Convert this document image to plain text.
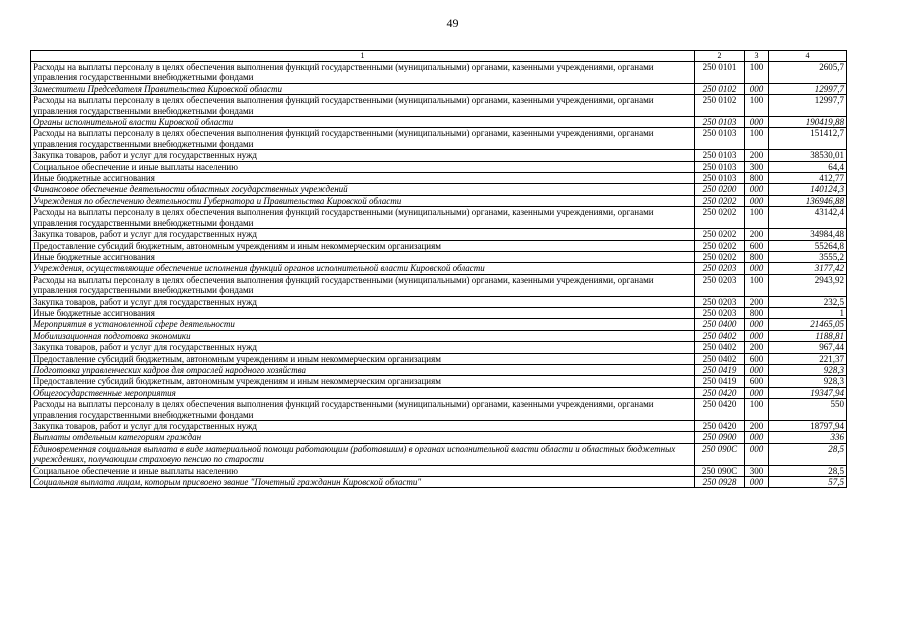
49
1	2	3	4
Расходы на выплаты персоналу в целях обеспечения выполнения функций государственными (муниципальными) органами, казенными учреждениями, органами управления государственными внебюджетными фондами	250 0101	100	2605,7
Заместители Председателя Правительства Кировской области	250 0102	000	12997,7
Расходы на выплаты персоналу в целях обеспечения выполнения функций государственными (муниципальными) органами, казенными учреждениями, органами управления государственными внебюджетными фондами	250 0102	100	12997,7
Органы исполнительной власти Кировской области	250 0103	000	190419,88
Расходы на выплаты персоналу в целях обеспечения выполнения функций государственными (муниципальными) органами, казенными учреждениями, органами управления государственными внебюджетными фондами	250 0103	100	151412,7
Закупка товаров, работ и услуг для государственных нужд	250 0103	200	38530,01
Социальное обеспечение и иные выплаты населению	250 0103	300	64,4
Иные бюджетные ассигнования	250 0103	800	412,77
Финансовое обеспечение деятельности областных государственных учреждений	250 0200	000	140124,3
Учреждения по обеспечению деятельности Губернатора и Правительства Кировской области	250 0202	000	136946,88
Расходы на выплаты персоналу в целях обеспечения выполнения функций государственными (муниципальными) органами, казенными учреждениями, органами управления государственными внебюджетными фондами	250 0202	100	43142,4
Закупка товаров, работ и услуг для государственных нужд	250 0202	200	34984,48
Предоставление субсидий бюджетным, автономным учреждениям и иным некоммерческим организациям	250 0202	600	55264,8
Иные бюджетные ассигнования	250 0202	800	3555,2
Учреждения, осуществляющие обеспечение исполнения функций органов исполнительной власти Кировской области	250 0203	000	3177,42
Расходы на выплаты персоналу в целях обеспечения выполнения функций государственными (муниципальными) органами, казенными учреждениями, органами управления государственными внебюджетными фондами	250 0203	100	2943,92
Закупка товаров, работ и услуг для государственных нужд	250 0203	200	232,5
Иные бюджетные ассигнования	250 0203	800	1
Мероприятия в установленной сфере деятельности	250 0400	000	21465,05
Мобилизационная подготовка экономики	250 0402	000	1188,81
Закупка товаров, работ и услуг для государственных нужд	250 0402	200	967,44
Предоставление субсидий бюджетным, автономным учреждениям и иным некоммерческим организациям	250 0402	600	221,37
Подготовка управленческих кадров для отраслей народного хозяйства	250 0419	000	928,3
Предоставление субсидий бюджетным, автономным учреждениям и иным некоммерческим организациям	250 0419	600	928,3
Общегосударственные мероприятия	250 0420	000	19347,94
Расходы на выплаты персоналу в целях обеспечения выполнения функций государственными (муниципальными) органами, казенными учреждениями, органами управления государственными внебюджетными фондами	250 0420	100	550
Закупка товаров, работ и услуг для государственных нужд	250 0420	200	18797,94
Выплаты отдельным категориям граждан	250 0900	000	336
Единовременная социальная выплата в виде материальной помощи работающим (работавшим) в органах исполнительной власти области и областных бюджетных учреждениях, получающим страховую пенсию по старости	250 090С	000	28,5
Социальное обеспечение и иные выплаты населению	250 090С	300	28,5
Социальная выплата лицам, которым присвоено звание "Почетный гражданин Кировской области"	250 0928	000	57,5
